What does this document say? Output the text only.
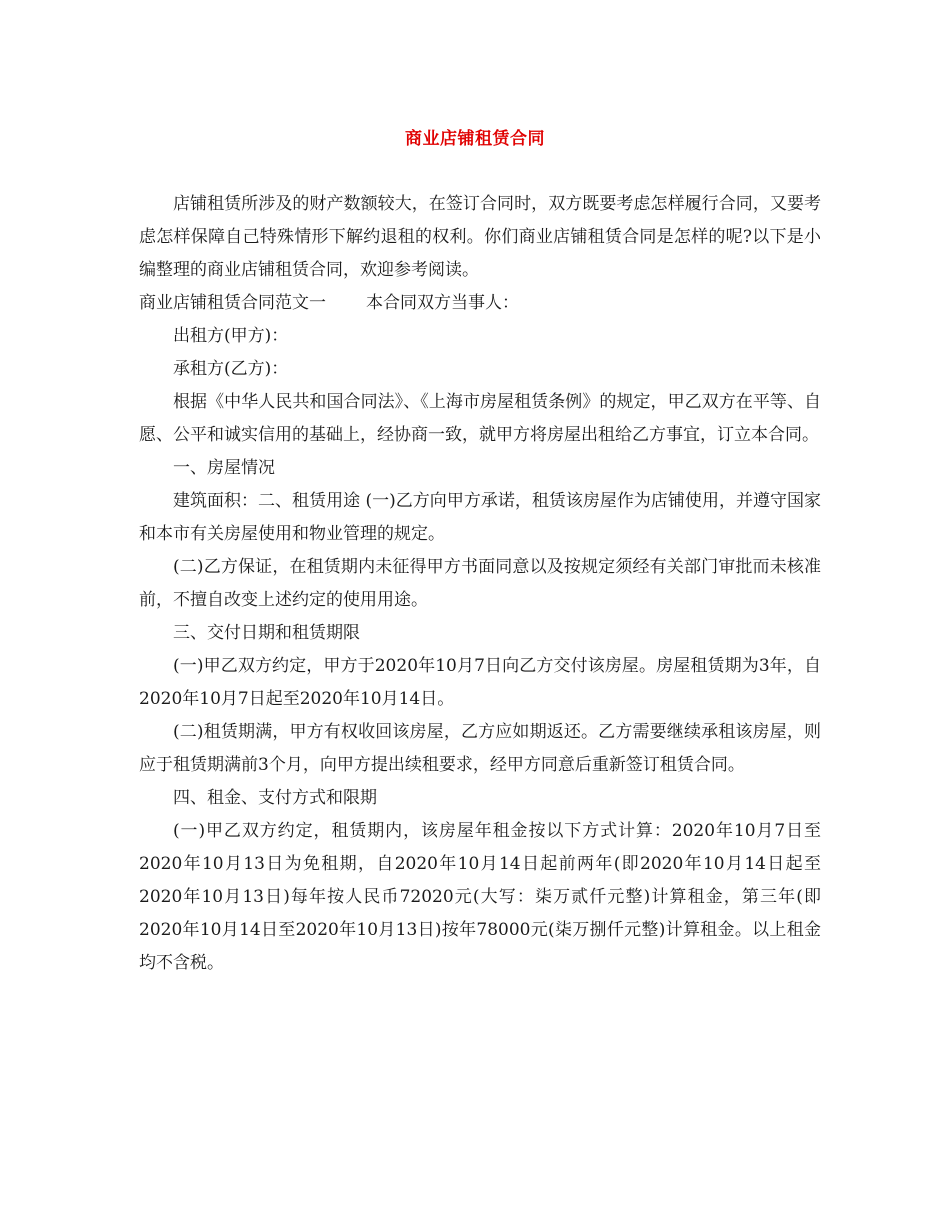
商业店铺租赁合同

店铺租赁所涉及的财产数额较大，在签订合同时，双方既要考虑怎样履行合同，又要考虑怎样保障自己特殊情形下解约退租的权利。你们商业店铺租赁合同是怎样的呢?以下是小编整理的商业店铺租赁合同，欢迎参考阅读。

商业店铺租赁合同范文一 本合同双方当事人：

出租方(甲方)：

承租方(乙方)：

根据《中华人民共和国合同法》、《上海市房屋租赁条例》的规定，甲乙双方在平等、自愿、公平和诚实信用的基础上，经协商一致，就甲方将房屋出租给乙方事宜，订立本合同。

一、房屋情况

建筑面积：二、租赁用途 (一)乙方向甲方承诺，租赁该房屋作为店铺使用，并遵守国家和本市有关房屋使用和物业管理的规定。

(二)乙方保证，在租赁期内未征得甲方书面同意以及按规定须经有关部门审批而未核准前，不擅自改变上述约定的使用用途。

三、交付日期和租赁期限

(一)甲乙双方约定，甲方于2020年10月7日向乙方交付该房屋。房屋租赁期为3年，自2020年10月7日起至2020年10月14日。

(二)租赁期满，甲方有权收回该房屋，乙方应如期返还。乙方需要继续承租该房屋，则应于租赁期满前3个月，向甲方提出续租要求，经甲方同意后重新签订租赁合同。

四、租金、支付方式和限期

(一)甲乙双方约定，租赁期内，该房屋年租金按以下方式计算：2020年10月7日至2020年10月13日为免租期，自2020年10月14日起前两年(即2020年10月14日起至2020年10月13日)每年按人民币72020元(大写：柒万贰仟元整)计算租金，第三年(即2020年10月14日至2020年10月13日)按年78000元(柒万捌仟元整)计算租金。以上租金均不含税。
